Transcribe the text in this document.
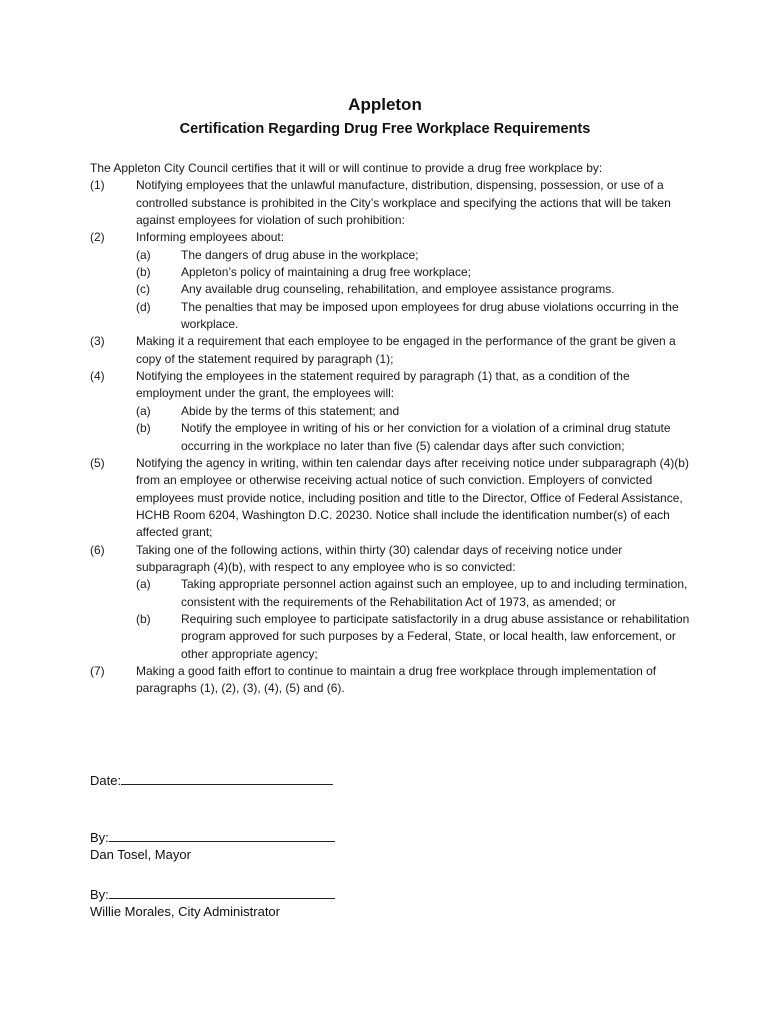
Appleton
Certification Regarding Drug Free Workplace Requirements
The Appleton City Council certifies that it will or will continue to provide a drug free workplace by:
(1)	Notifying employees that the unlawful manufacture, distribution, dispensing, possession, or use of a controlled substance is prohibited in the City’s workplace and specifying the actions that will be taken against employees for violation of such prohibition:
(2)	Informing employees about:
(a)	The dangers of drug abuse in the workplace;
(b)	Appleton’s policy of maintaining a drug free workplace;
(c)	Any available drug counseling, rehabilitation, and employee assistance programs.
(d)	The penalties that may be imposed upon employees for drug abuse violations occurring in the workplace.
(3)	Making it a requirement that each employee to be engaged in the performance of the grant be given a copy of the statement required by paragraph (1);
(4)	Notifying the employees in the statement required by paragraph (1) that, as a condition of the employment under the grant, the employees will:
(a)	Abide by the terms of this statement; and
(b)	Notify the employee in writing of his or her conviction for a violation of a criminal drug statute occurring in the workplace no later than five (5) calendar days after such conviction;
(5)	Notifying the agency in writing, within ten calendar days after receiving notice under subparagraph (4)(b) from an employee or otherwise receiving actual notice of such conviction. Employers of convicted employees must provide notice, including position and title to the Director, Office of Federal Assistance, HCHB Room 6204, Washington D.C. 20230. Notice shall include the identification number(s) of each affected grant;
(6)	Taking one of the following actions, within thirty (30) calendar days of receiving notice under subparagraph (4)(b), with respect to any employee who is so convicted:
(a)	Taking appropriate personnel action against such an employee, up to and including termination, consistent with the requirements of the Rehabilitation Act of 1973, as amended; or
(b)	Requiring such employee to participate satisfactorily in a drug abuse assistance or rehabilitation program approved for such purposes by a Federal, State, or local health, law enforcement, or other appropriate agency;
(7)	Making a good faith effort to continue to maintain a drug free workplace through implementation of paragraphs (1), (2), (3), (4), (5) and (6).
Date:
By:
Dan Tosel, Mayor
By:
Willie Morales, City Administrator
